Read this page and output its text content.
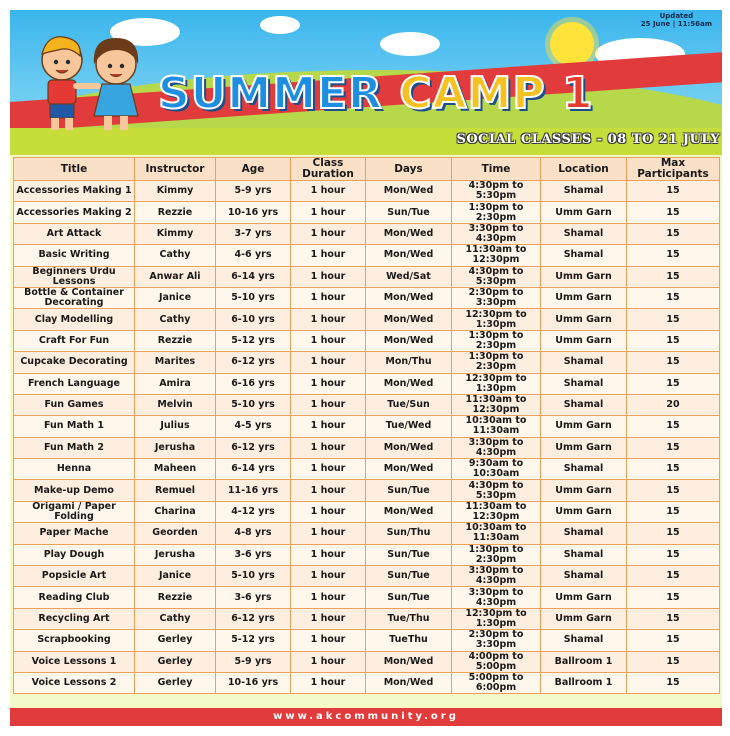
SUMMER CAMP 1
Updated
25 June | 11:56am
SOCIAL CLASSES - 08 TO 21 JULY
Title	Instructor	Age	Class Duration	Days	Time	Location	Max Participants
Accessories Making 1	Kimmy	5-9 yrs	1 hour	Mon/Wed	4:30pm to 5:30pm	Shamal	15
Accessories Making 2	Rezzie	10-16 yrs	1 hour	Sun/Tue	1:30pm to 2:30pm	Umm Garn	15
Art Attack	Kimmy	3-7 yrs	1 hour	Mon/Wed	3:30pm to 4:30pm	Shamal	15
Basic Writing	Cathy	4-6 yrs	1 hour	Mon/Wed	11:30am to 12:30pm	Shamal	15
Beginners Urdu Lessons	Anwar Ali	6-14 yrs	1 hour	Wed/Sat	4:30pm to 5:30pm	Umm Garn	15
Bottle & Container Decorating	Janice	5-10 yrs	1 hour	Mon/Wed	2:30pm to 3:30pm	Umm Garn	15
Clay Modelling	Cathy	6-10 yrs	1 hour	Mon/Wed	12:30pm to 1:30pm	Umm Garn	15
Craft For Fun	Rezzie	5-12 yrs	1 hour	Mon/Wed	1:30pm to 2:30pm	Umm Garn	15
Cupcake Decorating	Marites	6-12 yrs	1 hour	Mon/Thu	1:30pm to 2:30pm	Shamal	15
French Language	Amira	6-16 yrs	1 hour	Mon/Wed	12:30pm to 1:30pm	Shamal	15
Fun Games	Melvin	5-10 yrs	1 hour	Tue/Sun	11:30am to 12:30pm	Shamal	20
Fun Math 1	Julius	4-5 yrs	1 hour	Tue/Wed	10:30am to 11:30am	Umm Garn	15
Fun Math 2	Jerusha	6-12 yrs	1 hour	Mon/Wed	3:30pm to 4:30pm	Umm Garn	15
Henna	Maheen	6-14 yrs	1 hour	Mon/Wed	9:30am to 10:30am	Shamal	15
Make-up Demo	Remuel	11-16 yrs	1 hour	Sun/Tue	4:30pm to 5:30pm	Umm Garn	15
Origami / Paper Folding	Charina	4-12 yrs	1 hour	Mon/Wed	11:30am to 12:30pm	Umm Garn	15
Paper Mache	Georden	4-8 yrs	1 hour	Sun/Thu	10:30am to 11:30am	Shamal	15
Play Dough	Jerusha	3-6 yrs	1 hour	Sun/Tue	1:30pm to 2:30pm	Shamal	15
Popsicle Art	Janice	5-10 yrs	1 hour	Sun/Tue	3:30pm to 4:30pm	Shamal	15
Reading Club	Rezzie	3-6 yrs	1 hour	Sun/Tue	3:30pm to 4:30pm	Umm Garn	15
Recycling Art	Cathy	6-12 yrs	1 hour	Tue/Thu	12:30pm to 1:30pm	Umm Garn	15
Scrapbooking	Gerley	5-12 yrs	1 hour	TueThu	2:30pm to 3:30pm	Shamal	15
Voice Lessons 1	Gerley	5-9 yrs	1 hour	Mon/Wed	4:00pm to 5:00pm	Ballroom 1	15
Voice Lessons 2	Gerley	10-16 yrs	1 hour	Mon/Wed	5:00pm to 6:00pm	Ballroom 1	15
www.akcommunity.org
